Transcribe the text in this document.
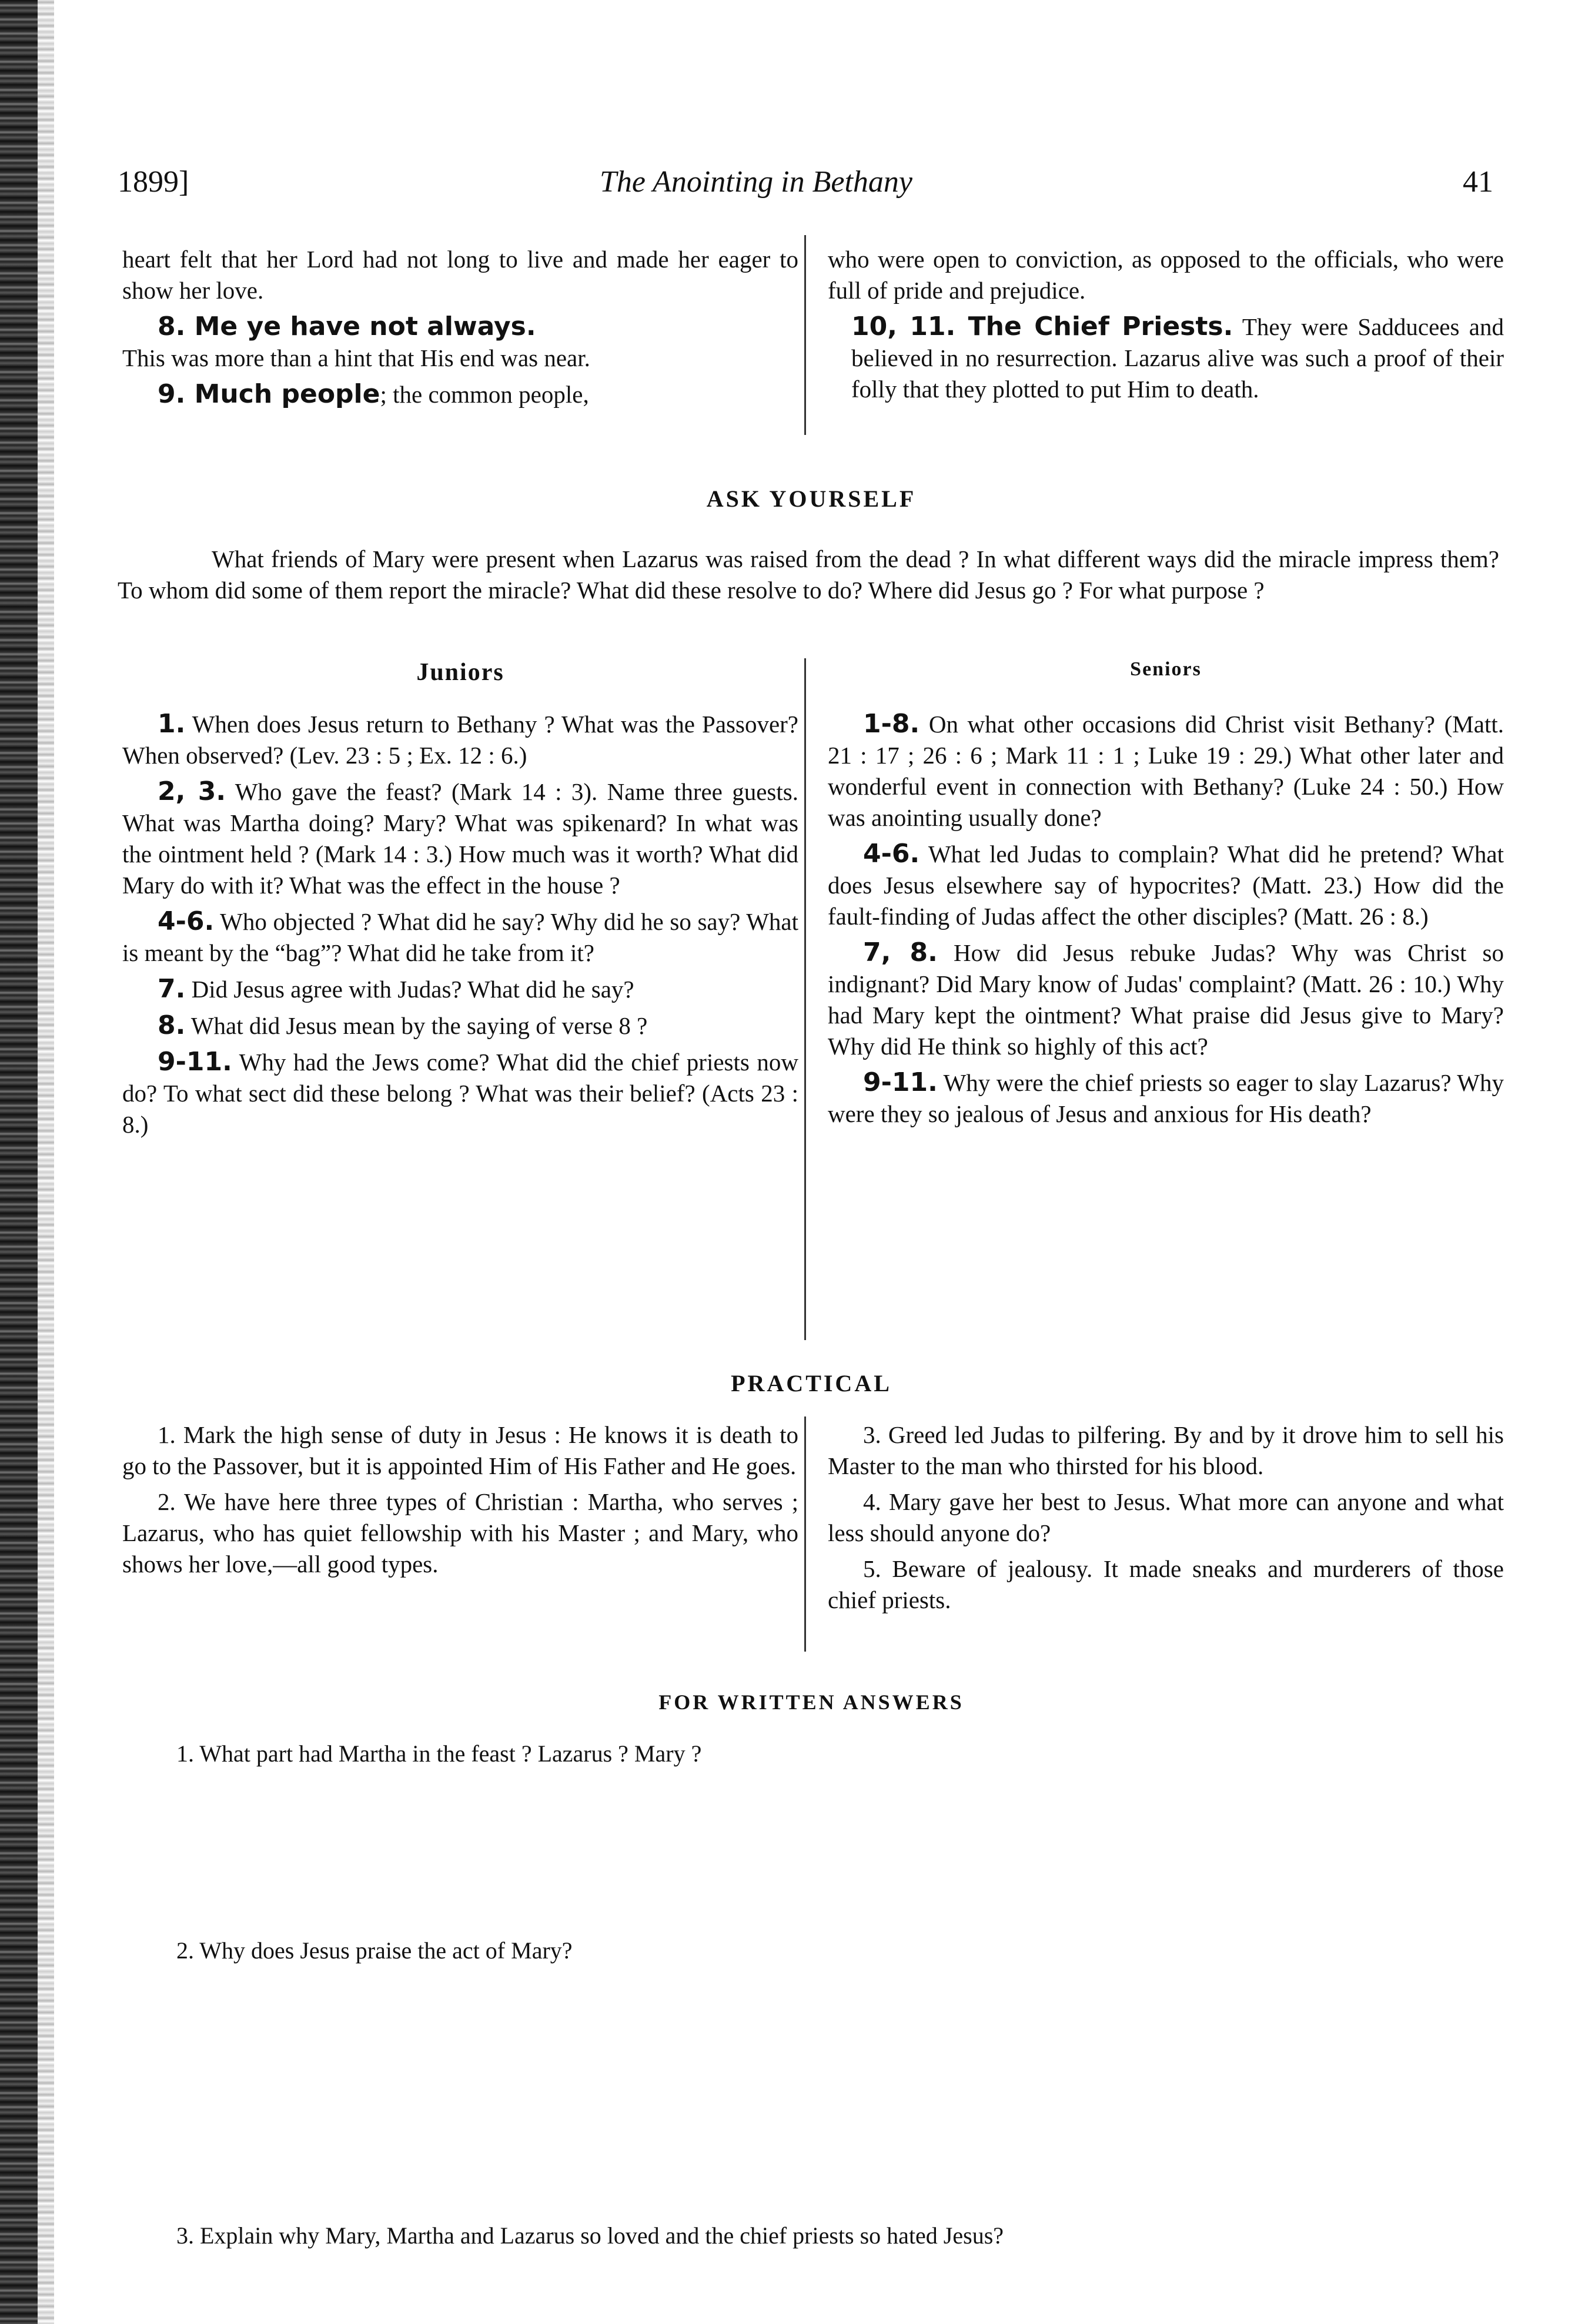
1899]	The Anointing in Bethany	41

heart felt that her Lord had not long to live and made her eager to show her love.

8. Me ye have not always.

This was more than a hint that His end was near.

9. Much people; the common people,

who were open to conviction, as opposed to the officials, who were full of pride and prejudice.

10, 11. The Chief Priests. They were Sadducees and believed in no resurrection. Lazarus alive was such a proof of their folly that they plotted to put Him to death.

ASK YOURSELF
What friends of Mary were present when Lazarus was raised from the dead ? In what different ways did the miracle impress them? To whom did some of them report the miracle? What did these resolve to do? Where did Jesus go ? For what purpose ?
Juniors	Seniors

1. When does Jesus return to Bethany ? What was the Passover? When observed? (Lev. 23 : 5 ; Ex. 12 : 6.)

2, 3. Who gave the feast? (Mark 14 : 3). Name three guests. What was Martha doing? Mary? What was spikenard? In what was the ointment held ? (Mark 14 : 3.) How much was it worth? What did Mary do with it? What was the effect in the house ?

4-6. Who objected ? What did he say? Why did he so say? What is meant by the “bag”? What did he take from it?

7. Did Jesus agree with Judas? What did he say?

8. What did Jesus mean by the saying of verse 8 ?

9-11. Why had the Jews come? What did the chief priests now do? To what sect did these belong ? What was their belief? (Acts 23 : 8.)

1-8. On what other occasions did Christ visit Bethany? (Matt. 21 : 17 ; 26 : 6 ; Mark 11 : 1 ; Luke 19 : 29.) What other later and wonderful event in connection with Bethany? (Luke 24 : 50.) How was anointing usually done?

4-6. What led Judas to complain? What did he pretend? What does Jesus elsewhere say of hypocrites? (Matt. 23.) How did the fault-finding of Judas affect the other disciples? (Matt. 26 : 8.)

7, 8. How did Jesus rebuke Judas? Why was Christ so indignant? Did Mary know of Judas' complaint? (Matt. 26 : 10.) Why had Mary kept the ointment? What praise did Jesus give to Mary? Why did He think so highly of this act?

9-11. Why were the chief priests so eager to slay Lazarus? Why were they so jealous of Jesus and anxious for His death?

PRACTICAL

1. Mark the high sense of duty in Jesus : He knows it is death to go to the Passover, but it is appointed Him of His Father and He goes.

2. We have here three types of Christian : Martha, who serves ; Lazarus, who has quiet fellowship with his Master ; and Mary, who shows her love,—all good types.

3. Greed led Judas to pilfering. By and by it drove him to sell his Master to the man who thirsted for his blood.

4. Mary gave her best to Jesus. What more can anyone and what less should anyone do?

5. Beware of jealousy. It made sneaks and murderers of those chief priests.

FOR WRITTEN ANSWERS
1. What part had Martha in the feast ? Lazarus ? Mary ?
2. Why does Jesus praise the act of Mary?
3. Explain why Mary, Martha and Lazarus so loved and the chief priests so hated Jesus?
